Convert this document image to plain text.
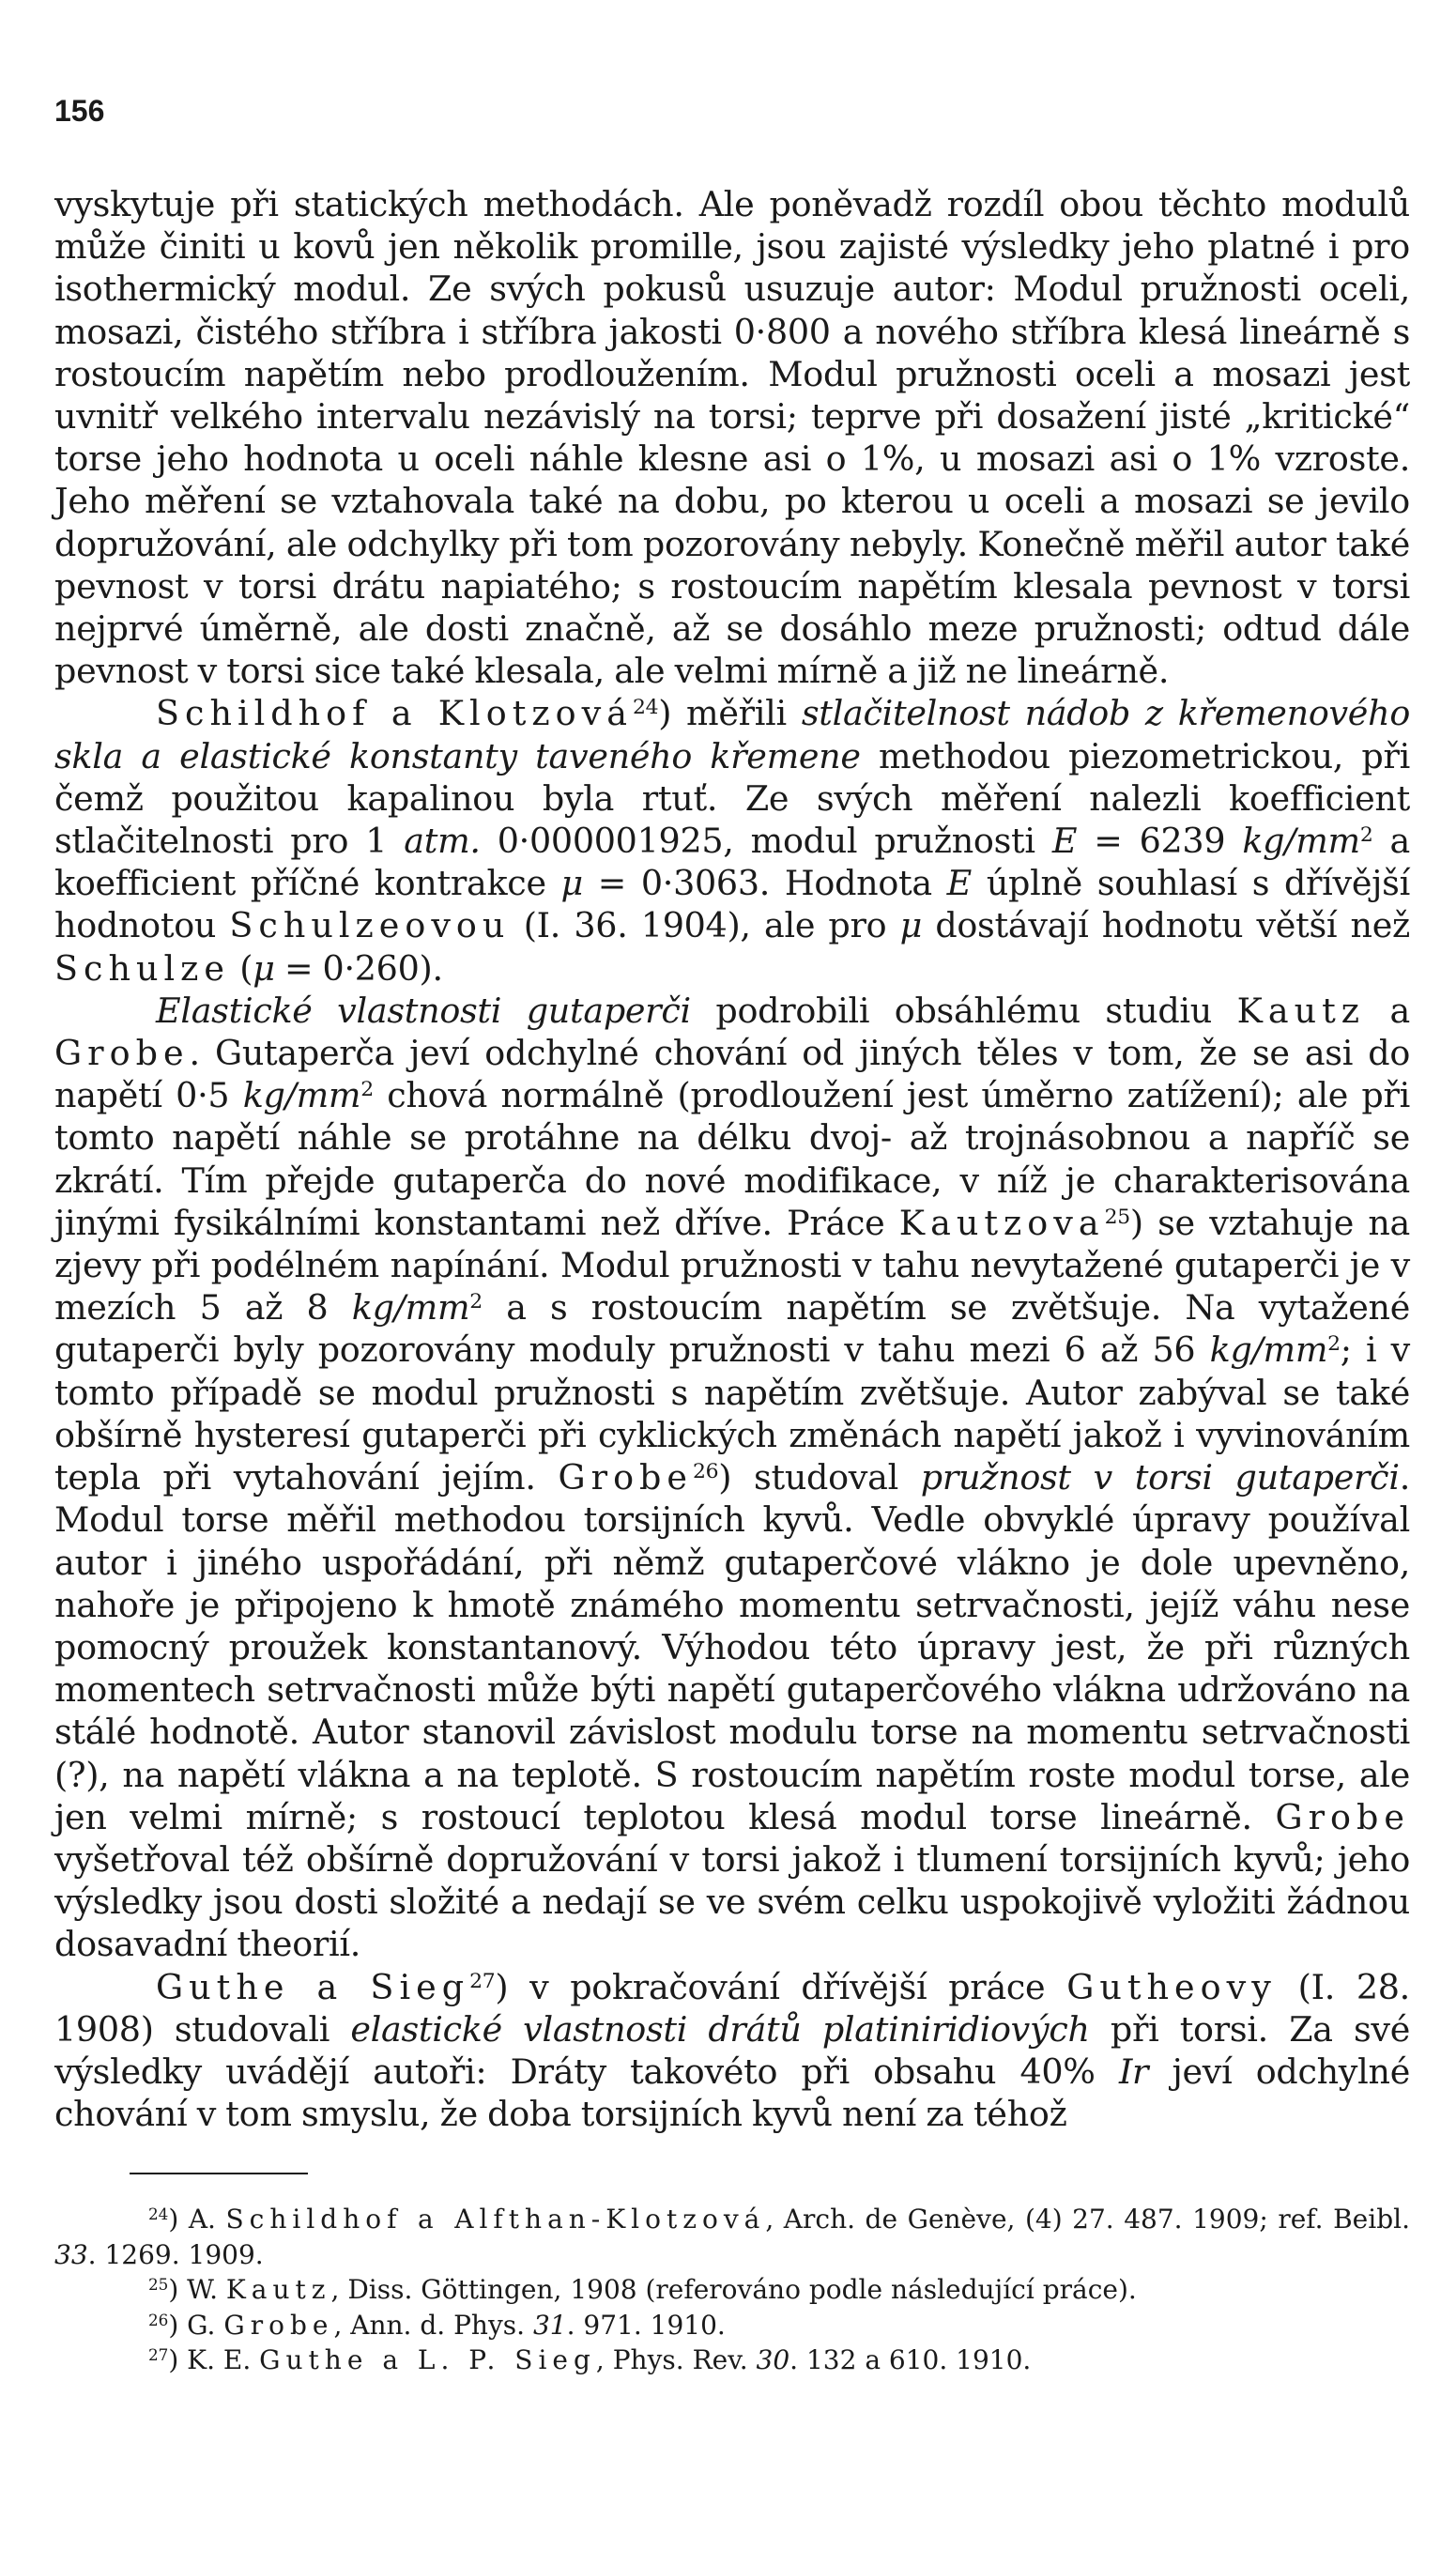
156

vyskytuje při statických methodách. Ale poněvadž rozdíl obou těchto modulů může činiti u kovů jen několik promille, jsou zajisté výsledky jeho platné i pro isothermický modul. Ze svých pokusů usuzuje autor: Modul pružnosti oceli, mosazi, čistého stříbra i stříbra jakosti 0·800 a nového stříbra klesá lineárně s rostoucím napětím nebo prodloužením. Modul pružnosti oceli a mosazi jest uvnitř velkého intervalu nezávislý na torsi; teprve při dosažení jisté „kritické“ torse jeho hodnota u oceli náhle klesne asi o 1%, u mosazi asi o 1% vzroste. Jeho měření se vztahovala také na dobu, po kterou u oceli a mosazi se jevilo dopružování, ale odchylky při tom pozorovány nebyly. Konečně měřil autor také pevnost v torsi drátu napiatého; s rostoucím napětím klesala pevnost v torsi nejprvé úměrně, ale dosti značně, až se dosáhlo meze pružnosti; odtud dále pevnost v torsi sice také klesala, ale velmi mírně a již ne lineárně.

Schildhof a Klotzová$^{24}$) měřili stlačitelnost nádob z křemenového skla a elastické konstanty taveného křemene methodou piezometrickou, při čemž použitou kapalinou byla rtuť. Ze svých měření nalezli koefficient stlačitelnosti pro 1 atm. 0·000001925, modul pružnosti E = 6239 $kg/mm^2$ a koefficient příčné kontrakce μ = 0·3063. Hodnota E úplně souhlasí s dřívější hodnotou Schulzeovou (I. 36. 1904), ale pro μ dostávají hodnotu větší než Schulze (μ = 0·260).

Elastické vlastnosti gutaperči podrobili obsáhlému studiu Kautz a Grobe. Gutaperča jeví odchylné chování od jiných těles v tom, že se asi do napětí 0·5 $kg/mm^2$ chová normálně (prodloužení jest úměrno zatížení); ale při tomto napětí náhle se protáhne na délku dvoj- až trojnásobnou a napříč se zkrátí. Tím přejde gutaperča do nové modifikace, v níž je charakterisována jinými fysikálními konstantami než dříve. Práce Kautzova$^{25}$) se vztahuje na zjevy při podélném napínání. Modul pružnosti v tahu nevytažené gutaperči je v mezích 5 až 8 $kg/mm^2$ a s rostoucím napětím se zvětšuje. Na vytažené gutaperči byly pozorovány moduly pružnosti v tahu mezi 6 až 56 $kg/mm^2$; i v tomto případě se modul pružnosti s napětím zvětšuje. Autor zabýval se také obšírně hysteresí gutaperči při cyklických změnách napětí jakož i vyvinováním tepla při vytahování jejím. Grobe$^{26}$) studoval pružnost v torsi gutaperči. Modul torse měřil methodou torsijních kyvů. Vedle obvyklé úpravy používal autor i jiného uspořádání, při němž gutaperčové vlákno je dole upevněno, nahoře je připojeno k hmotě známého momentu setrvačnosti, jejíž váhu nese pomocný proužek konstantanový. Výhodou této úpravy jest, že při různých momentech setrvačnosti může býti napětí gutaperčového vlákna udržováno na stálé hodnotě. Autor stanovil závislost modulu torse na momentu setrvačnosti (?), na napětí vlákna a na teplotě. S rostoucím napětím roste modul torse, ale jen velmi mírně; s rostoucí teplotou klesá modul torse lineárně. Grobe vyšetřoval též obšírně dopružování v torsi jakož i tlumení torsijních kyvů; jeho výsledky jsou dosti složité a nedají se ve svém celku uspokojivě vyložiti žádnou dosavadní theorií.

Guthe a Sieg$^{27}$) v pokračování dřívější práce Gutheovy (I. 28. 1908) studovali elastické vlastnosti drátů platiniridiových při torsi. Za své výsledky uvádějí autoři: Dráty takovéto při obsahu 40% Ir jeví odchylné chování v tom smyslu, že doba torsijních kyvů není za téhož

$^{24}$) A. Schildhof a Alfthan-Klotzová, Arch. de Genève, (4) 27. 487. 1909; ref. Beibl. 33. 1269. 1909.

$^{25}$) W. Kautz, Diss. Göttingen, 1908 (referováno podle následující práce).

$^{26}$) G. Grobe, Ann. d. Phys. 31. 971. 1910.

$^{27}$) K. E. Guthe a L. P. Sieg, Phys. Rev. 30. 132 a 610. 1910.
